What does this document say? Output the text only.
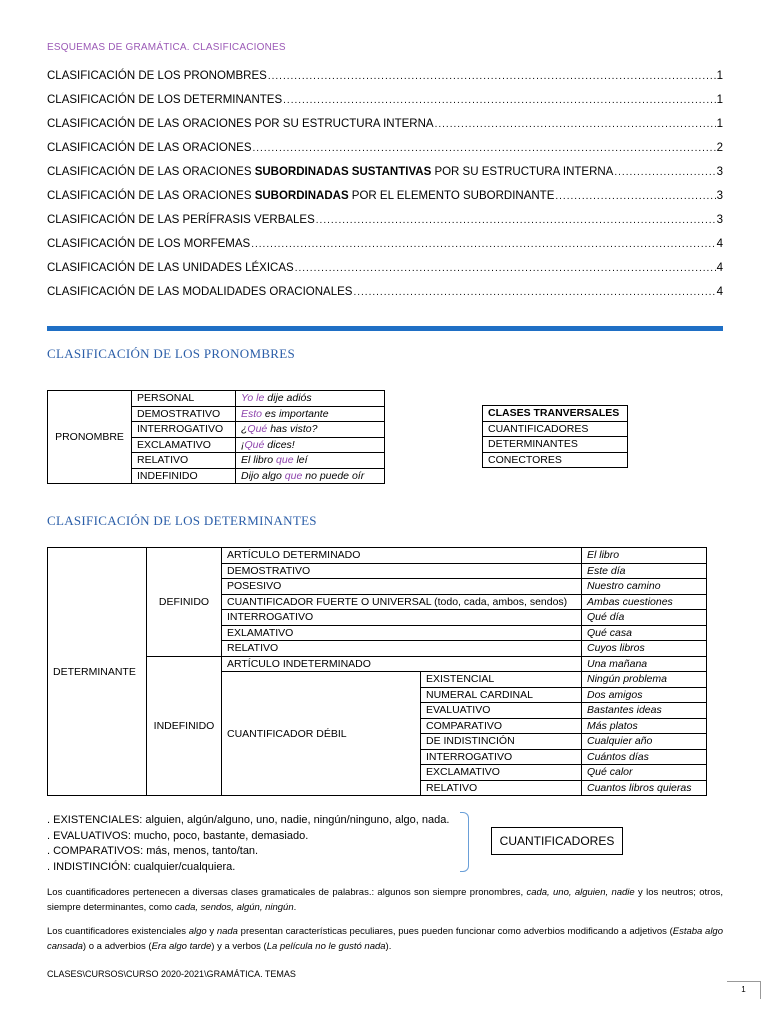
ESQUEMAS DE GRAMÁTICA. CLASIFICACIONES
CLASIFICACIÓN DE LOS PRONOMBRES .....	1
CLASIFICACIÓN DE LOS DETERMINANTES .....	1
CLASIFICACIÓN DE LAS ORACIONES POR SU ESTRUCTURA INTERNA .....	1
CLASIFICACIÓN DE LAS ORACIONES .....	2
CLASIFICACIÓN DE LAS ORACIONES SUBORDINADAS SUSTANTIVAS POR SU ESTRUCTURA INTERNA .....	3
CLASIFICACIÓN DE LAS ORACIONES SUBORDINADAS POR EL ELEMENTO SUBORDINANTE .....	3
CLASIFICACIÓN DE LAS PERÍFRASIS VERBALES .....	3
CLASIFICACIÓN DE LOS MORFEMAS .....	4
CLASIFICACIÓN DE LAS UNIDADES LÉXICAS .....	4
CLASIFICACIÓN DE LAS MODALIDADES ORACIONALES .....	4
CLASIFICACIÓN DE LOS PRONOMBRES
PRONOMBRE	PERSONAL	Yo le dije adiós
	DEMOSTRATIVO	Esto es importante
	INTERROGATIVO	¿Qué has visto?
	EXCLAMATIVO	¡Qué dices!
	RELATIVO	El libro que leí
	INDEFINIDO	Dijo algo que no puede oír
CLASES TRANVERSALES
CUANTIFICADORES
DETERMINANTES
CONECTORES
CLASIFICACIÓN DE LOS DETERMINANTES
DETERMINANTE	DEFINIDO	ARTÍCULO DETERMINADO		El libro
		DEMOSTRATIVO		Este día
		POSESIVO		Nuestro camino
		CUANTIFICADOR FUERTE O UNIVERSAL (todo, cada, ambos, sendos)		Ambas cuestiones
		INTERROGATIVO		Qué día
		EXLAMATIVO		Qué casa
		RELATIVO		Cuyos libros
	INDEFINIDO	ARTÍCULO INDETERMINADO		Una mañana
		CUANTIFICADOR DÉBIL	EXISTENCIAL	Ningún problema
			NUMERAL CARDINAL	Dos amigos
			EVALUATIVO	Bastantes ideas
			COMPARATIVO	Más platos
			DE INDISTINCIÓN	Cualquier año
			INTERROGATIVO	Cuántos días
			EXCLAMATIVO	Qué calor
			RELATIVO	Cuantos libros quieras
. EXISTENCIALES: alguien, algún/alguno, uno, nadie, ningún/ninguno, algo, nada.
. EVALUATIVOS: mucho, poco, bastante, demasiado.
. COMPARATIVOS: más, menos, tanto/tan.
. INDISTINCIÓN: cualquier/cualquiera.
CUANTIFICADORES
Los cuantificadores pertenecen a diversas clases gramaticales de palabras.: algunos son siempre pronombres, cada, uno, alguien, nadie y los neutros; otros, siempre determinantes, como cada, sendos, algún, ningún.
Los cuantificadores existenciales algo y nada presentan características peculiares, pues pueden funcionar como adverbios modificando a adjetivos (Estaba algo cansada) o a adverbios (Era algo tarde) y a verbos (La película no le gustó nada).
CLASES\CURSOS\CURSO 2020-2021\GRAMÁTICA. TEMAS
1
